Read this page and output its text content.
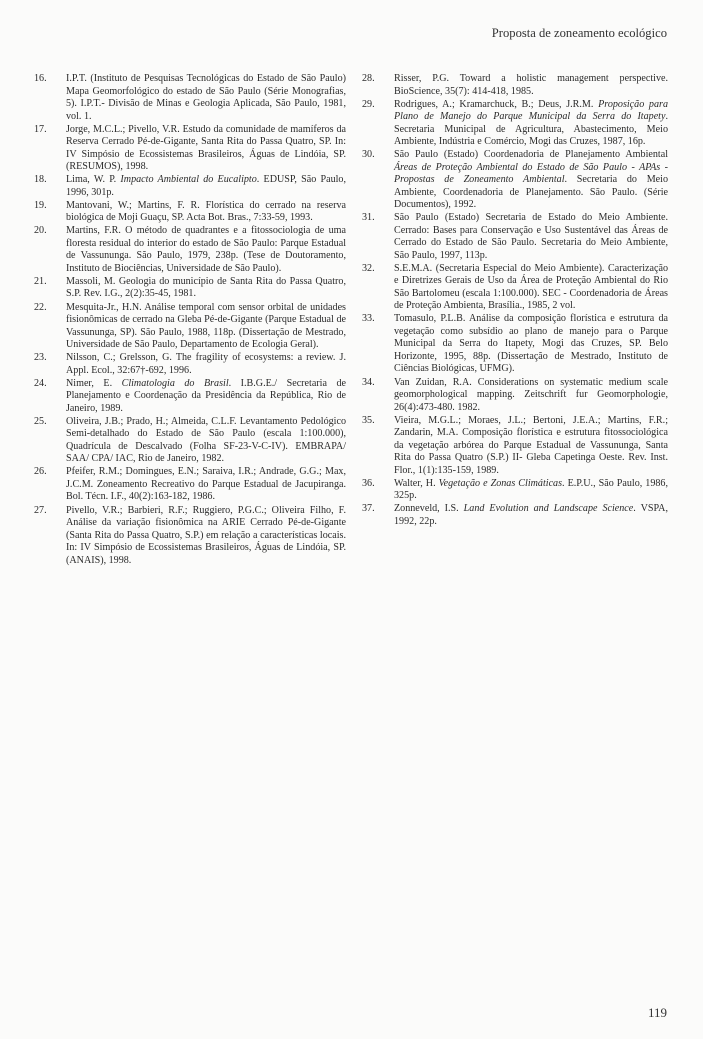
Proposta de zoneamento ecológico
16. I.P.T. (Instituto de Pesquisas Tecnológicas do Estado de São Paulo) Mapa Geomorfológico do estado de São Paulo (Série Monografias, 5). I.P.T.- Divisão de Minas e Geologia Aplicada, São Paulo, 1981, vol. 1.
17. Jorge, M.C.L.; Pivello, V.R. Estudo da comunidade de mamíferos da Reserva Cerrado Pé-de-Gigante, Santa Rita do Passa Quatro, SP. In: IV Simpósio de Ecossistemas Brasileiros, Águas de Lindóia, SP. (RESUMOS), 1998.
18. Lima, W. P. Impacto Ambiental do Eucalipto. EDUSP, São Paulo, 1996, 301p.
19. Mantovani, W.; Martins, F. R. Florística do cerrado na reserva biológica de Moji Guaçu, SP. Acta Bot. Bras., 7:33-59, 1993.
20. Martins, F.R. O método de quadrantes e a fitossociologia de uma floresta residual do interior do estado de São Paulo: Parque Estadual de Vassununga. São Paulo, 1979, 238p. (Tese de Doutoramento, Instituto de Biociências, Universidade de São Paulo).
21. Massoli, M. Geologia do município de Santa Rita do Passa Quatro, S.P. Rev. I.G., 2(2):35-45, 1981.
22. Mesquita-Jr., H.N. Análise temporal com sensor orbital de unidades fisionômicas de cerrado na Gleba Pé-de-Gigante (Parque Estadual de Vassununga, SP). São Paulo, 1988, 118p. (Dissertação de Mestrado, Universidade de São Paulo, Departamento de Ecologia Geral).
23. Nilsson, C.; Grelsson, G. The fragility of ecosystems: a review. J. Appl. Ecol., 32:67†-692, 1996.
24. Nimer, E. Climatologia do Brasil. I.B.G.E./ Secretaria de Planejamento e Coordenação da Presidência da República, Rio de Janeiro, 1989.
25. Oliveira, J.B.; Prado, H.; Almeida, C.L.F. Levantamento Pedológico Semi-detalhado do Estado de São Paulo (escala 1:100.000), Quadrícula de Descalvado (Folha SF-23-V-C-IV). EMBRAPA/ SAA/ CPA/ IAC, Rio de Janeiro, 1982.
26. Pfeifer, R.M.; Domingues, E.N.; Saraiva, I.R.; Andrade, G.G.; Max, J.C.M. Zoneamento Recreativo do Parque Estadual de Jacupiranga. Bol. Técn. I.F., 40(2):163-182, 1986.
27. Pivello, V.R.; Barbieri, R.F.; Ruggiero, P.G.C.; Oliveira Filho, F. Análise da variação fisionômica na ARIE Cerrado Pé-de-Gigante (Santa Rita do Passa Quatro, S.P.) em relação a características locais. In: IV Simpósio de Ecossistemas Brasileiros, Águas de Lindóia, SP. (ANAIS), 1998.
28. Risser, P.G. Toward a holistic management perspective. BioScience, 35(7): 414-418, 1985.
29. Rodrigues, A.; Kramarchuck, B.; Deus, J.R.M. Proposição para Plano de Manejo do Parque Municipal da Serra do Itapety. Secretaria Municipal de Agricultura, Abastecimento, Meio Ambiente, Indústria e Comércio, Mogi das Cruzes, 1987, 16p.
30. São Paulo (Estado) Coordenadoria de Planejamento Ambiental Áreas de Proteção Ambiental do Estado de São Paulo - APAs - Propostas de Zoneamento Ambiental. Secretaria do Meio Ambiente, Coordenadoria de Planejamento. São Paulo. (Série Documentos), 1992.
31. São Paulo (Estado) Secretaria de Estado do Meio Ambiente. Cerrado: Bases para Conservação e Uso Sustentável das Áreas de Cerrado do Estado de São Paulo. Secretaria do Meio Ambiente, São Paulo, 1997, 113p.
32. S.E.M.A. (Secretaria Especial do Meio Ambiente). Caracterização e Diretrizes Gerais de Uso da Área de Proteção Ambiental do Rio São Bartolomeu (escala 1:100.000). SEC - Coordenadoria de Áreas de Proteção Ambienta, Brasília., 1985, 2 vol.
33. Tomasulo, P.L.B. Análise da composição florística e estrutura da vegetação como subsídio ao plano de manejo para o Parque Municipal da Serra do Itapety, Mogi das Cruzes, SP. Belo Horizonte, 1995, 88p. (Dissertação de Mestrado, Instituto de Ciências Biológicas, UFMG).
34. Van Zuidan, R.A. Considerations on systematic medium scale geomorphological mapping. Zeitschrift fur Geomorphologie, 26(4):473-480. 1982.
35. Vieira, M.G.L.; Moraes, J.L.; Bertoni, J.E.A.; Martins, F.R.; Zandarin, M.A. Composição florística e estrutura fitossociológica da vegetação arbórea do Parque Estadual de Vassununga, Santa Rita do Passa Quatro (S.P.) II- Gleba Capetinga Oeste. Rev. Inst. Flor., 1(1):135-159, 1989.
36. Walter, H. Vegetação e Zonas Climáticas. E.P.U., São Paulo, 1986, 325p.
37. Zonneveld, I.S. Land Evolution and Landscape Science. VSPA, 1992, 22p.
119
